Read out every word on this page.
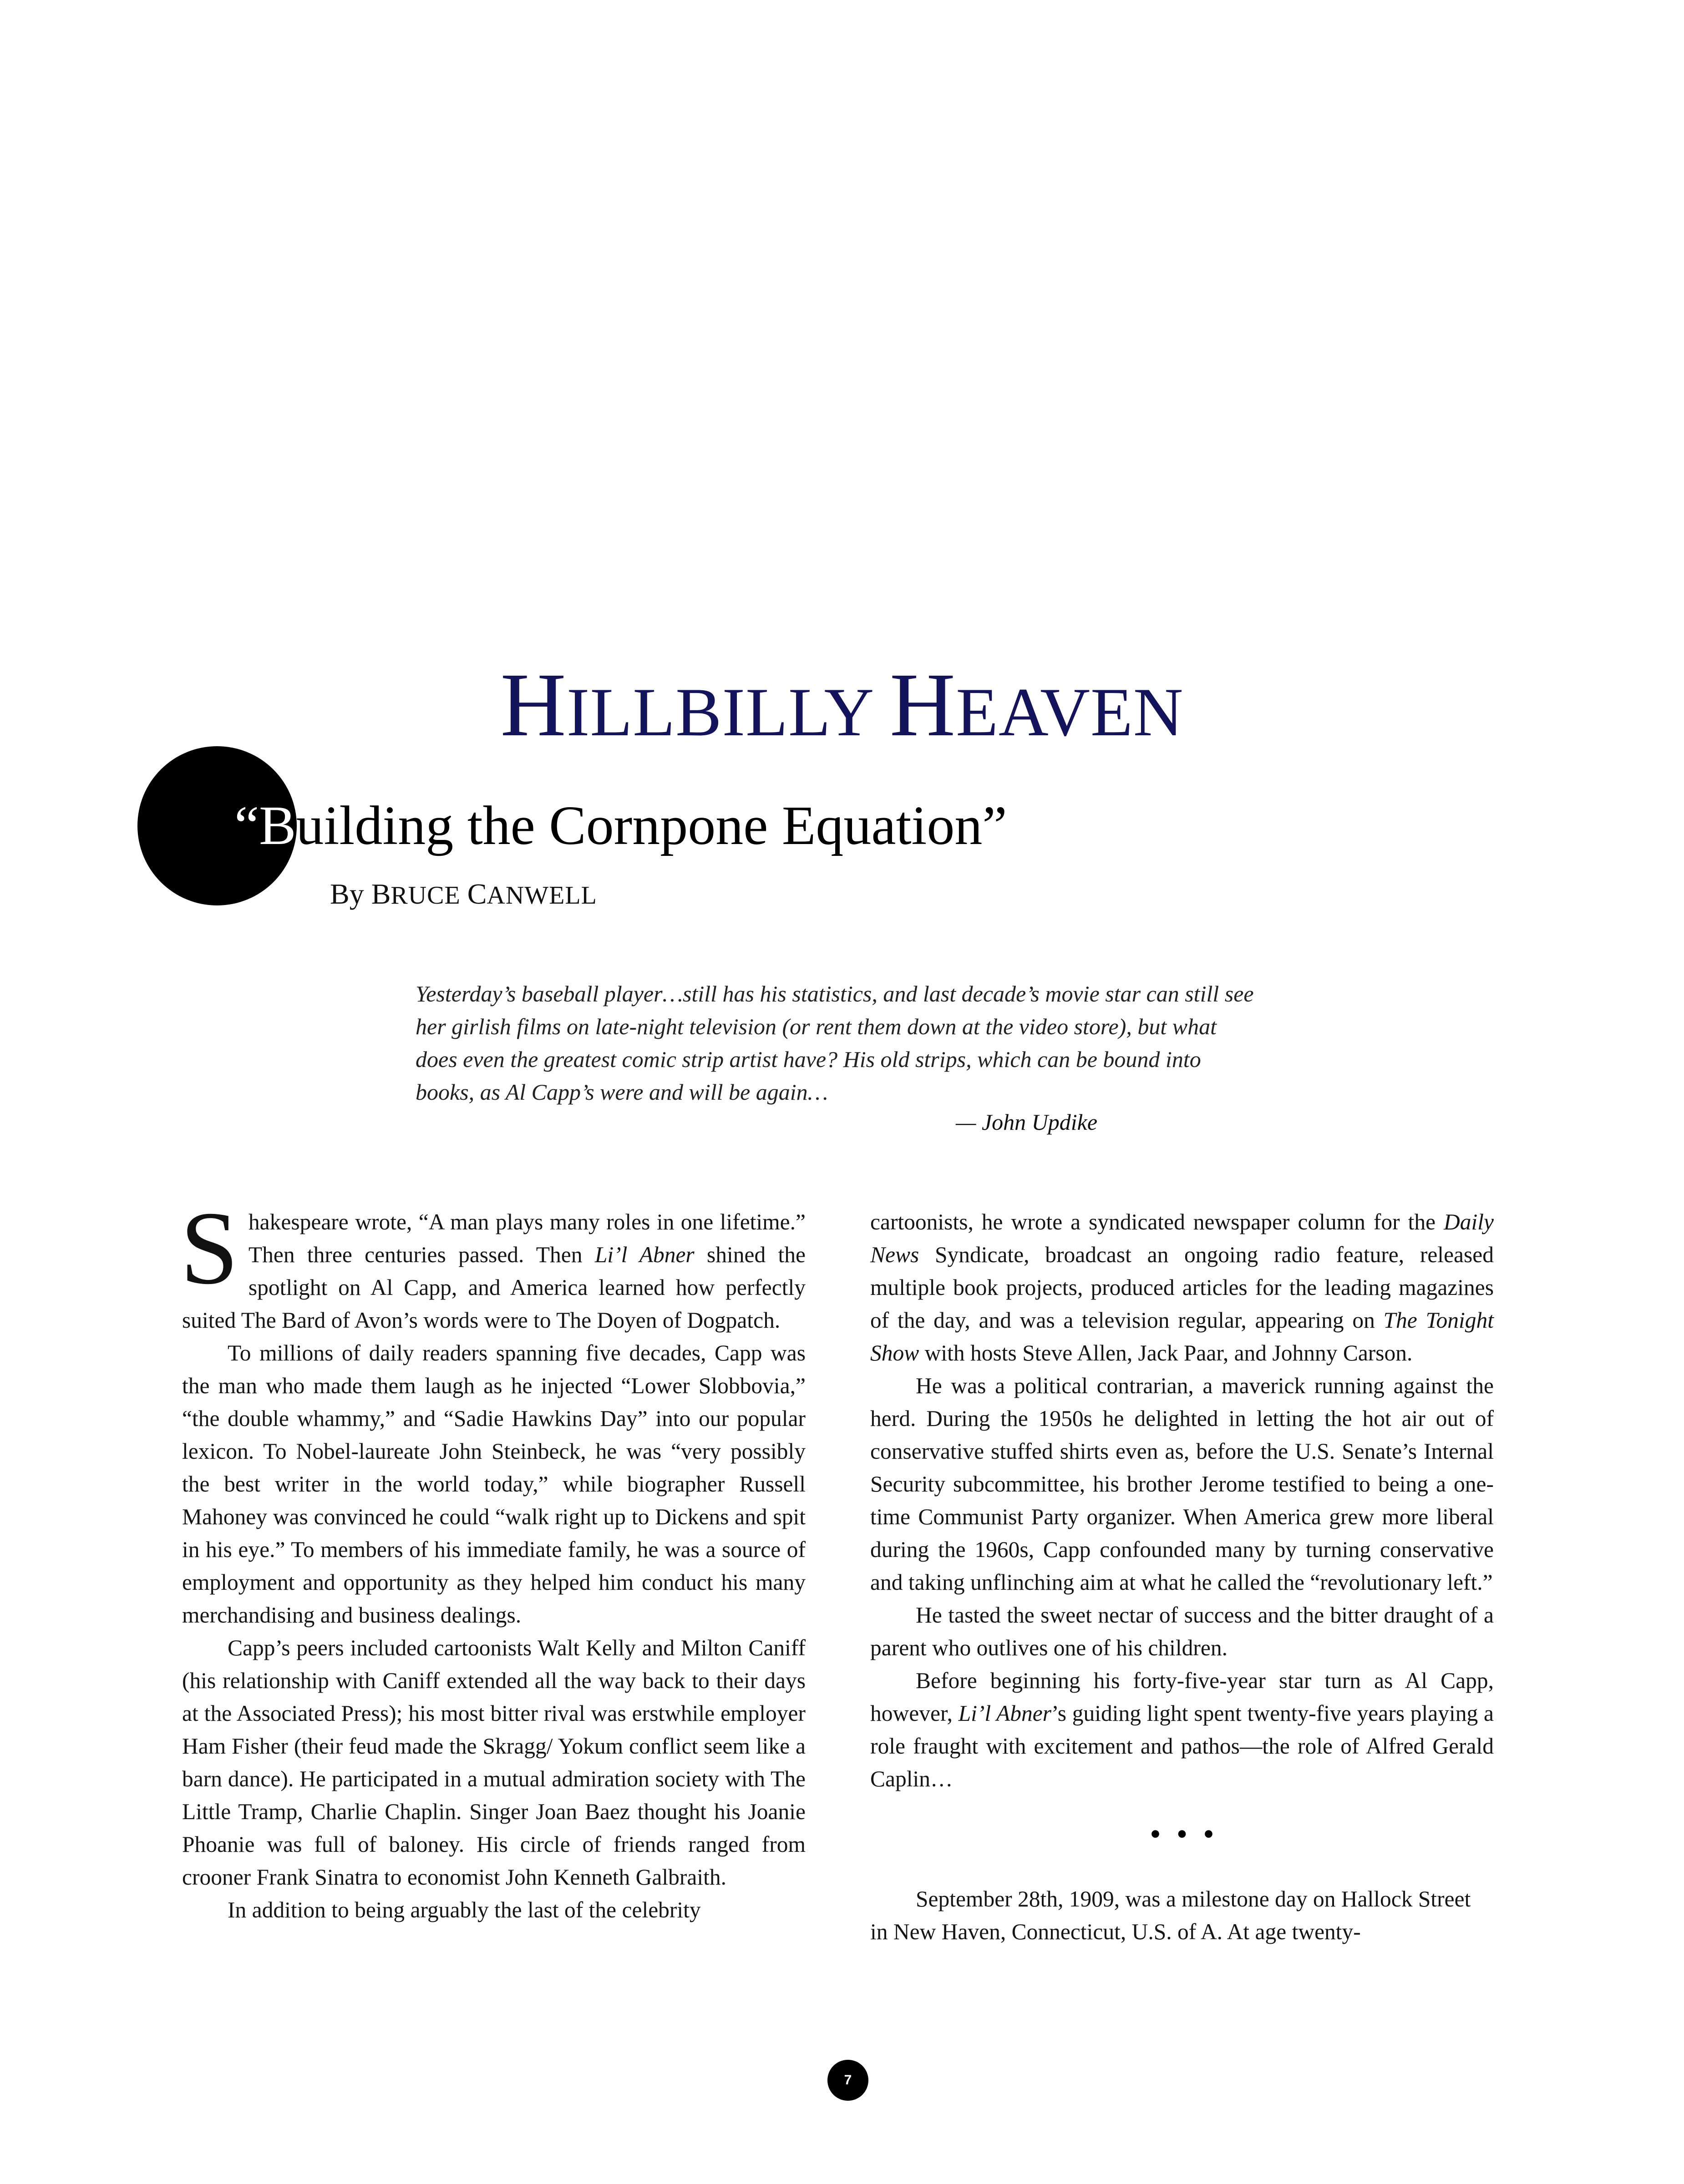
HILLBILLY HEAVEN
“Building the Cornpone Equation”
By BRUCE CANWELL
Yesterday’s baseball player…still has his statistics, and last decade’s movie star can still see
her girlish films on late-night television (or rent them down at the video store), but what
does even the greatest comic strip artist have? His old strips, which can be bound into
books, as Al Capp’s were and will be again…
— John Updike

Shakespeare wrote, “A man plays many roles in one lifetime.” Then three centuries passed. Then Li’l Abner shined the spotlight on Al Capp, and America learned how perfectly suited The Bard of Avon’s words were to The Doyen of Dogpatch.

To millions of daily readers spanning five decades, Capp was the man who made them laugh as he injected “Lower Slobbovia,” “the double whammy,” and “Sadie Hawkins Day” into our popular lexicon. To Nobel-laureate John Steinbeck, he was “very possibly the best writer in the world today,” while biographer Russell Mahoney was convinced he could “walk right up to Dickens and spit in his eye.” To members of his immediate family, he was a source of employment and opportunity as they helped him conduct his many merchandising and business dealings.

Capp’s peers included cartoonists Walt Kelly and Milton Caniff (his relationship with Caniff extended all the way back to their days at the Associated Press); his most bitter rival was erstwhile employer Ham Fisher (their feud made the Skragg/ Yokum conflict seem like a barn dance). He participated in a mutual admiration society with The Little Tramp, Charlie Chaplin. Singer Joan Baez thought his Joanie Phoanie was full of baloney. His circle of friends ranged from crooner Frank Sinatra to economist John Kenneth Galbraith.

In addition to being arguably the last of the celebrity

cartoonists, he wrote a syndicated newspaper column for the Daily News Syndicate, broadcast an ongoing radio feature, released multiple book projects, produced articles for the leading magazines of the day, and was a television regular, appearing on The Tonight Show with hosts Steve Allen, Jack Paar, and Johnny Carson.

He was a political contrarian, a maverick running against the herd. During the 1950s he delighted in letting the hot air out of conservative stuffed shirts even as, before the U.S. Senate’s Internal Security subcommittee, his brother Jerome testified to being a one-time Communist Party organizer. When America grew more liberal during the 1960s, Capp confounded many by turning conservative and taking unflinching aim at what he called the “revolutionary left.”

He tasted the sweet nectar of success and the bitter draught of a parent who outlives one of his children.

Before beginning his forty-five-year star turn as Al Capp, however, Li’l Abner’s guiding light spent twenty-five years playing a role fraught with excitement and pathos—the role of Alfred Gerald Caplin…

•••

September 28th, 1909, was a milestone day on Hallock Street in New Haven, Connecticut, U.S. of A. At age twenty-

7
